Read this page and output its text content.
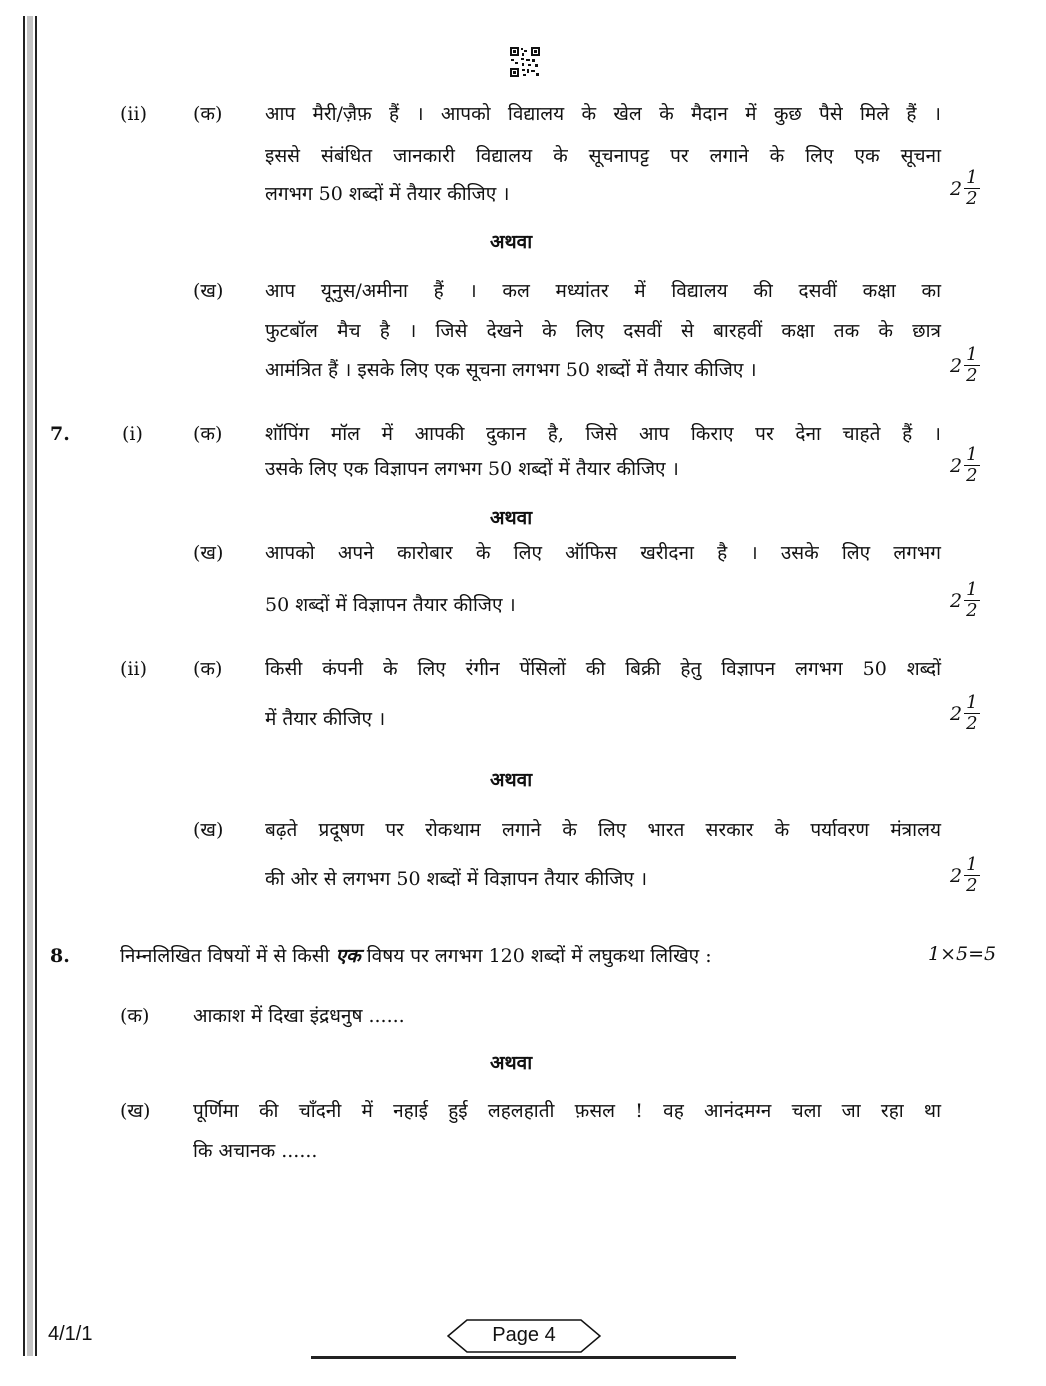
(ii) (क) आप मैरी/ज़ैफ़ हैं । आपको विद्यालय के खेल के मैदान में कुछ पैसे मिले हैं ।
इससे संबंधित जानकारी विद्यालय के सूचनापट्ट पर लगाने के लिए एक सूचना
लगभग 50 शब्दों में तैयार कीजिए ।	$2 \frac{1}{2}$
अथवा
(ख) आप यूनुस/अमीना हैं । कल मध्यांतर में विद्यालय की दसवीं कक्षा का
फुटबॉल मैच है । जिसे देखने के लिए दसवीं से बारहवीं कक्षा तक के छात्र
आमंत्रित हैं । इसके लिए एक सूचना लगभग 50 शब्दों में तैयार कीजिए ।	$2 \frac{1}{2}$
7.	(i)	(क) शॉपिंग मॉल में आपकी दुकान है, जिसे आप किराए पर देना चाहते हैं ।
उसके लिए एक विज्ञापन लगभग 50 शब्दों में तैयार कीजिए ।	$2 \frac{1}{2}$
अथवा
(ख) आपको अपने कारोबार के लिए ऑफिस खरीदना है । उसके लिए लगभग
50 शब्दों में विज्ञापन तैयार कीजिए ।	$2 \frac{1}{2}$
(ii) (क) किसी कंपनी के लिए रंगीन पेंसिलों की बिक्री हेतु विज्ञापन लगभग 50 शब्दों
में तैयार कीजिए ।	$2 \frac{1}{2}$
अथवा
(ख) बढ़ते प्रदूषण पर रोकथाम लगाने के लिए भारत सरकार के पर्यावरण मंत्रालय
की ओर से लगभग 50 शब्दों में विज्ञापन तैयार कीजिए ।	$2 \frac{1}{2}$
8.	निम्नलिखित विषयों में से किसी एक विषय पर लगभग 120 शब्दों में लघुकथा लिखिए :	1×5=5
(क) आकाश में दिखा इंद्रधनुष ......
अथवा
(ख) पूर्णिमा की चाँदनी में नहाई हुई लहलहाती फ़सल ! वह आनंदमग्न चला जा रहा था
कि अचानक ......
4/1/1	Page 4
